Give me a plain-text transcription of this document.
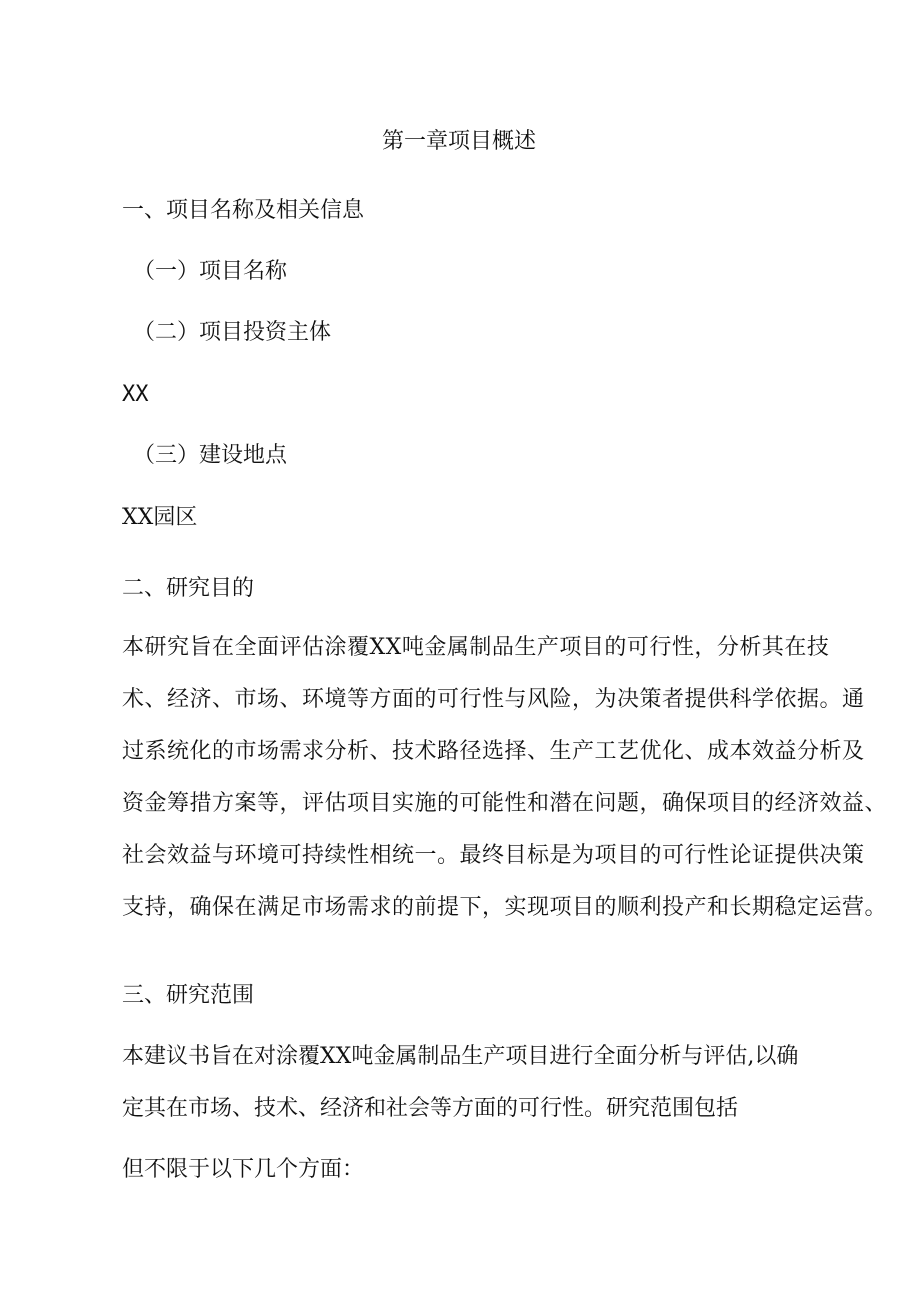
第一章项目概述

一、项目名称及相关信息

（一）项目名称

（二）项目投资主体

XX

（三）建设地点

XX园区

二、研究目的

本研究旨在全面评估涂覆XX吨金属制品生产项目的可行性，分析其在技
术、经济、市场、环境等方面的可行性与风险，为决策者提供科学依据。通
过系统化的市场需求分析、技术路径选择、生产工艺优化、成本效益分析及
资金筹措方案等，评估项目实施的可能性和潜在问题，确保项目的经济效益、
社会效益与环境可持续性相统一。最终目标是为项目的可行性论证提供决策
支持，确保在满足市场需求的前提下，实现项目的顺利投产和长期稳定运营。

三、研究范围

本建议书旨在对涂覆XX吨金属制品生产项目进行全面分析与评估,以确

定其在市场、技术、经济和社会等方面的可行性。研究范围包括

但不限于以下几个方面：
